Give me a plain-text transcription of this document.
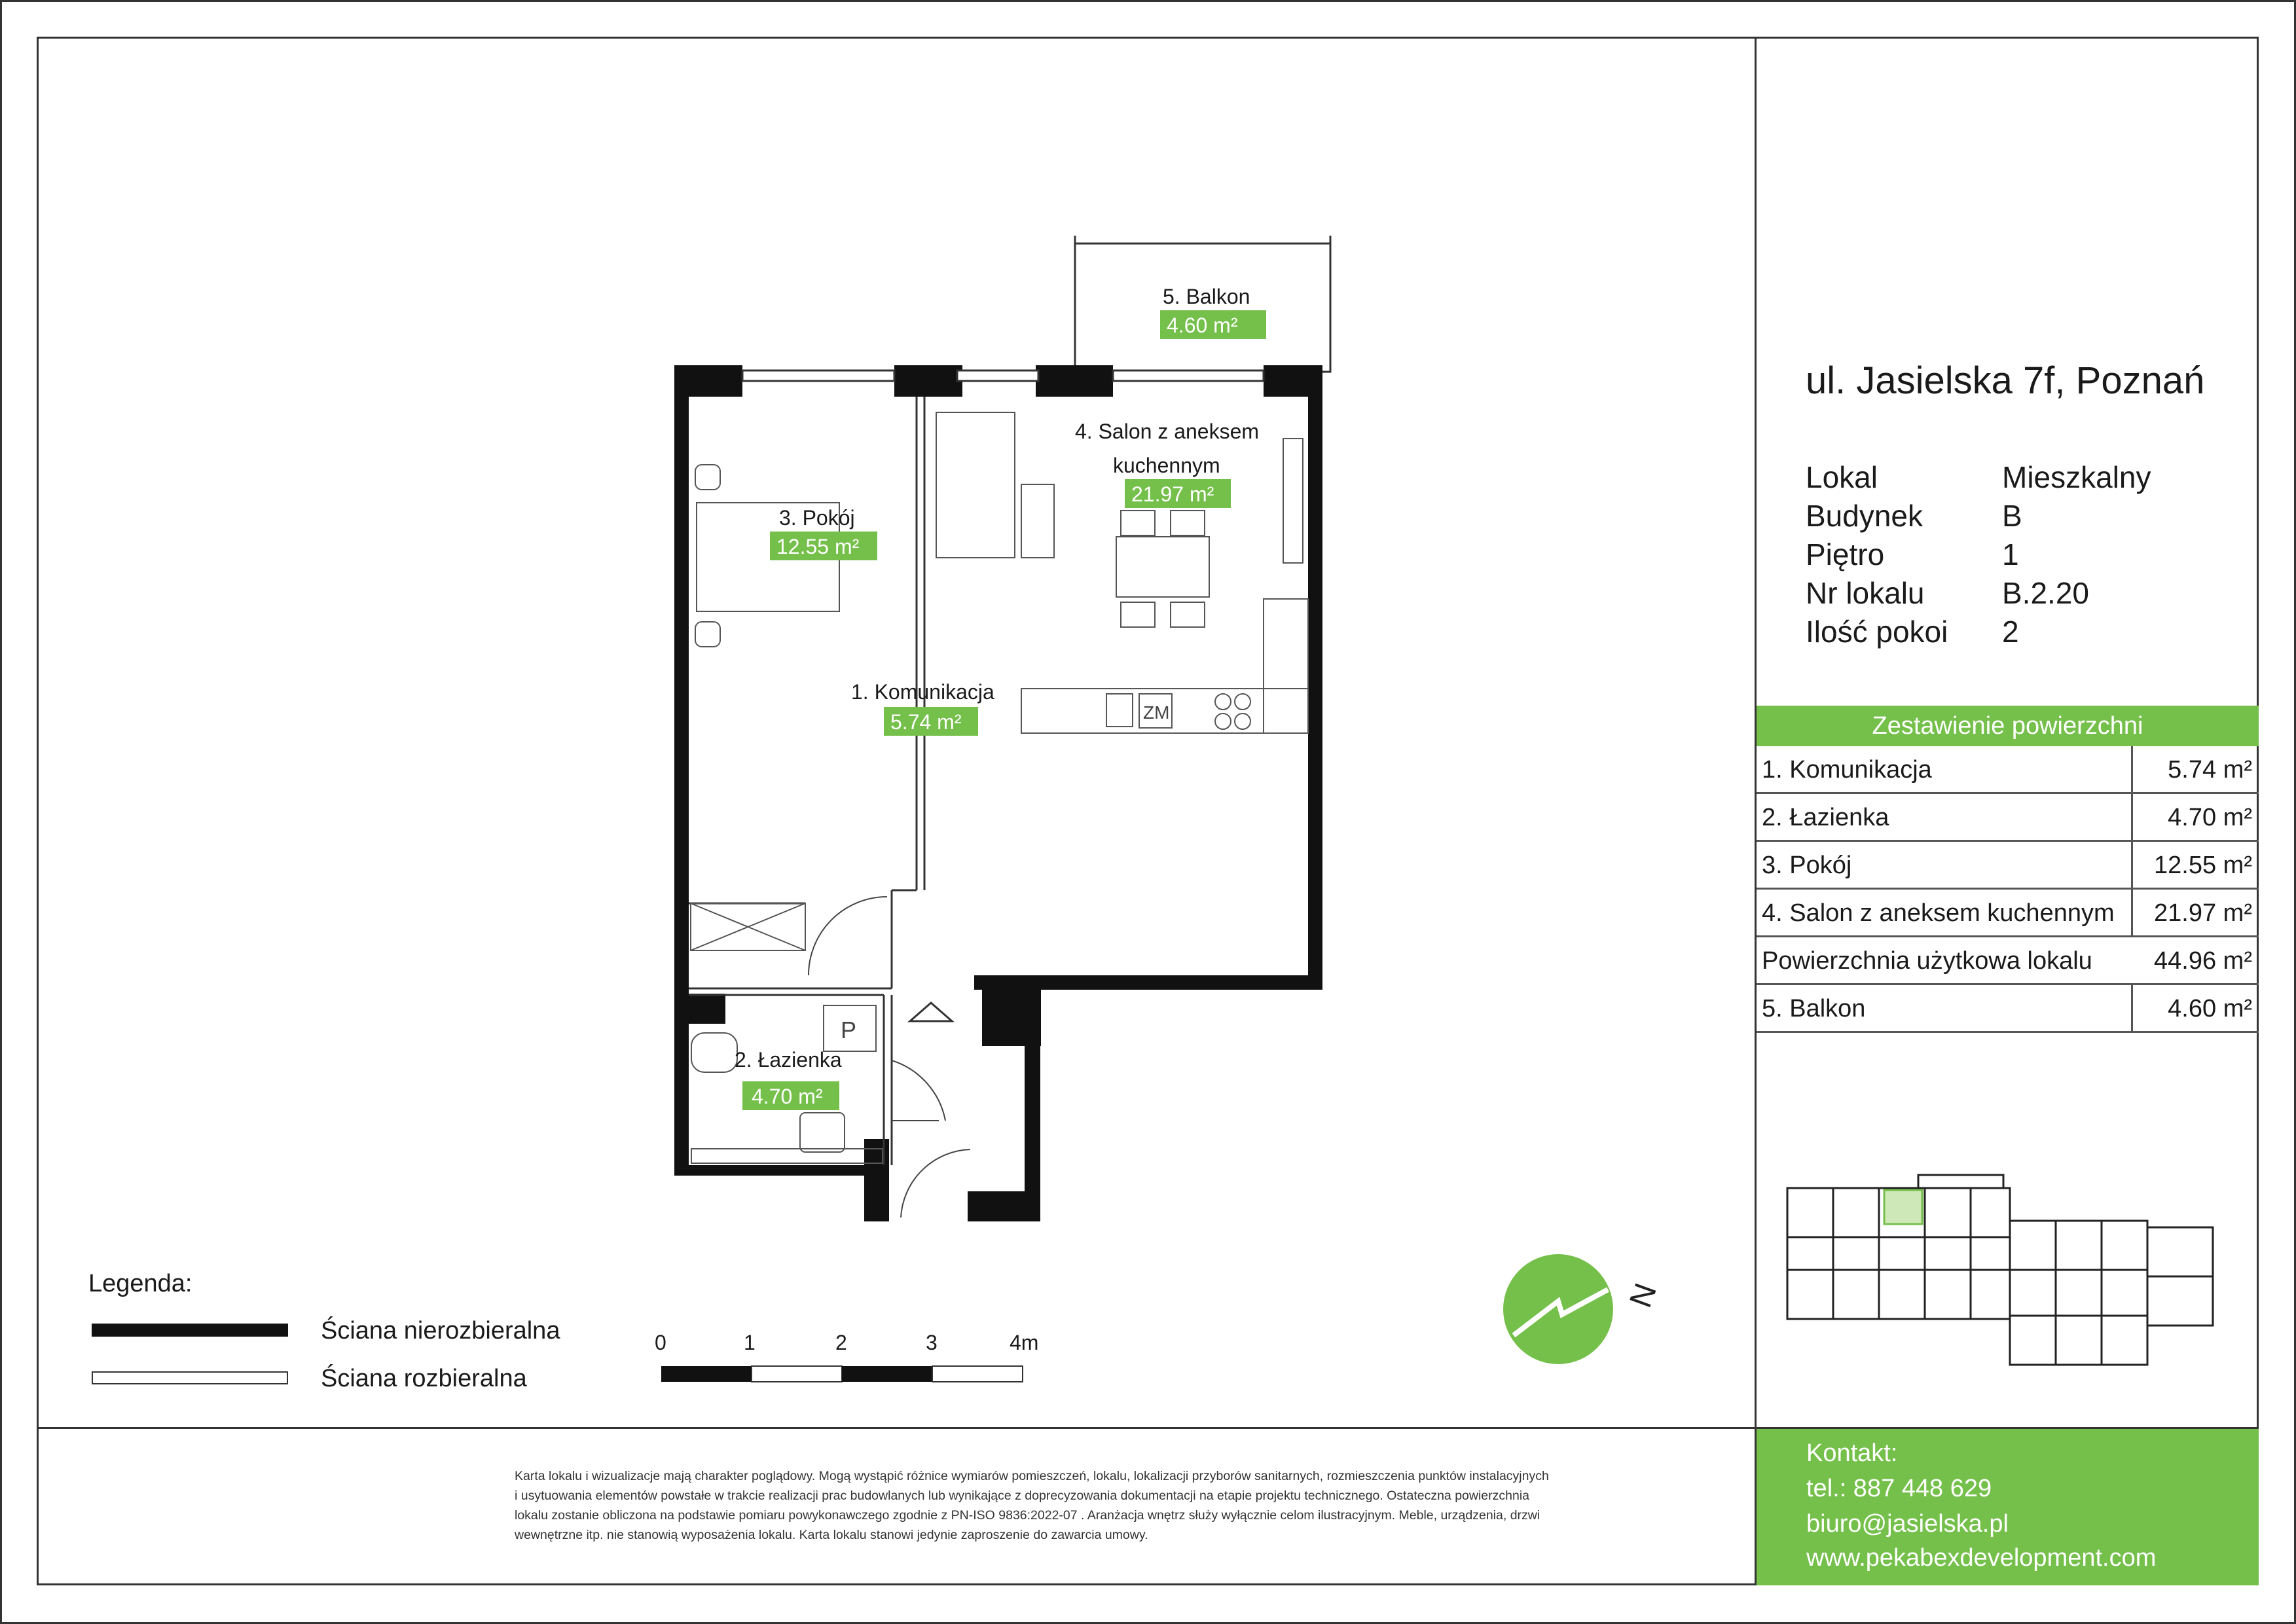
ZM
P
1. Komunikacja
5.74 m²
2. Łazienka
4.70 m²
3. Pokój
12.55 m²
4. Salon z aneksem
kuchennym
21.97 m²
5. Balkon
4.60 m²
ul. Jasielska 7f, Poznań
Lokal	Mieszkalny
Budynek	B
Piętro	1
Nr lokalu	B.2.20
Ilość pokoi	2
Zestawienie powierzchni
1. Komunikacja	5.74 m²
2. Łazienka	4.70 m²
3. Pokój	12.55 m²
4. Salon z aneksem kuchennym	21.97 m²
Powierzchnia użytkowa lokalu	44.96 m²
5. Balkon	4.60 m²
Legenda:
Ściana nierozbieralna
Ściana rozbieralna
0	1	2	3	4m
N
Karta lokalu i wizualizacje mają charakter poglądowy. Mogą wystąpić różnice wymiarów pomieszczeń, lokalu, lokalizacji przyborów sanitarnych, rozmieszczenia punktów instalacyjnych
i usytuowania elementów powstałe w trakcie realizacji prac budowlanych lub wynikające z doprecyzowania dokumentacji na etapie projektu technicznego. Ostateczna powierzchnia
lokalu zostanie obliczona na podstawie pomiaru powykonawczego zgodnie z PN-ISO 9836:2022-07 . Aranżacja wnętrz służy wyłącznie celom ilustracyjnym. Meble, urządzenia, drzwi
wewnętrzne itp. nie stanowią wyposażenia lokalu. Karta lokalu stanowi jedynie zaproszenie do zawarcia umowy.
Kontakt:
tel.: 887 448 629
biuro@jasielska.pl
www.pekabexdevelopment.com
